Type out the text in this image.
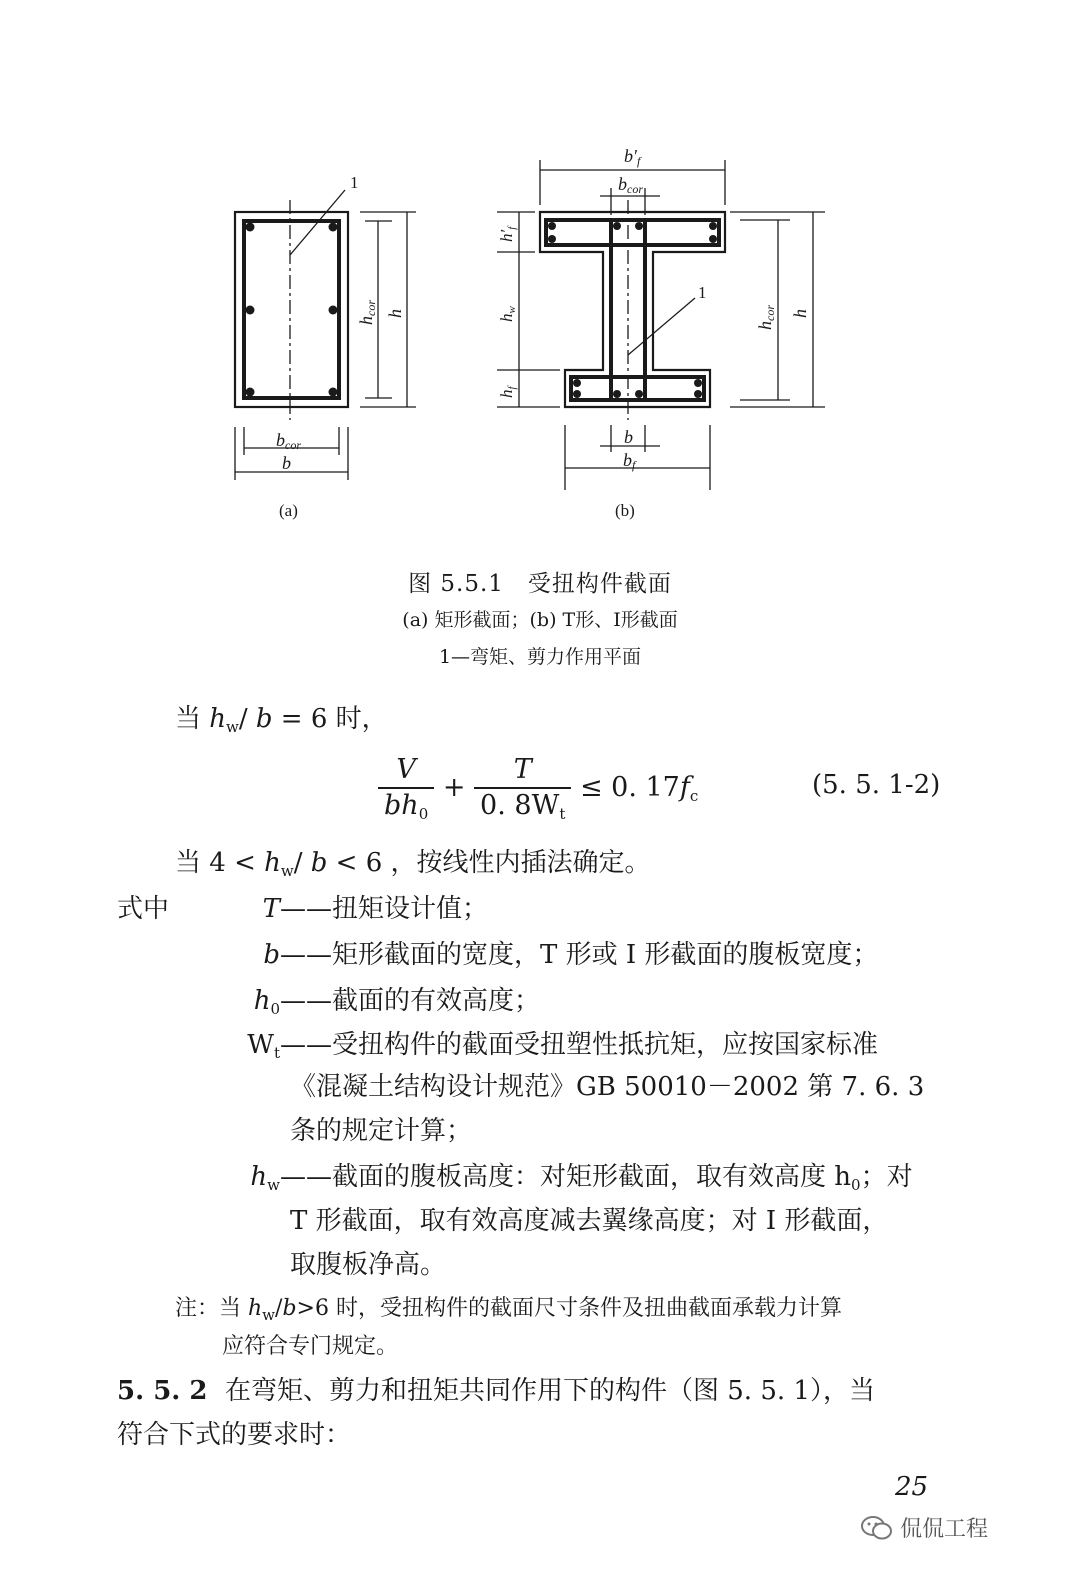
1
bcor
b
hcor h
(a)
b′f
bcor
h′f
hw
hf
1
hcor h
b
bf
(b)
图 5.5.1　受扭构件截面
(a) 矩形截面；(b) T形、I形截面
1—弯矩、剪力作用平面
当 $h_w/$ b = 6 时，
$\frac{V}{bh_0} + \frac{T}{0. 8W_t} \le 0$. $17f_c$	(5. 5. 1-2)
当 $4 < h_w/$ b < 6 ，按线性内插法确定。
式中	T ——扭矩设计值；
b ——矩形截面的宽度，T 形或 I 形截面的腹板宽度；
$h_0$ ——截面的有效高度；
$W_t$ ——受扭构件的截面受扭塑性抵抗矩，应按国家标准
《混凝土结构设计规范》GB 50010－2002 第 7. 6. 3
条的规定计算；
$h_w$ ——截面的腹板高度：对矩形截面，取有效高度 $h_0$；对
T 形截面，取有效高度减去翼缘高度；对 I 形截面，
取腹板净高。
注：当 $h_w/b>6$ 时，受扭构件的截面尺寸条件及扭曲截面承载力计算
应符合专门规定。
5. 5. 2 在弯矩、剪力和扭矩共同作用下的构件（图 5. 5. 1），当
符合下式的要求时：
25
侃侃工程
